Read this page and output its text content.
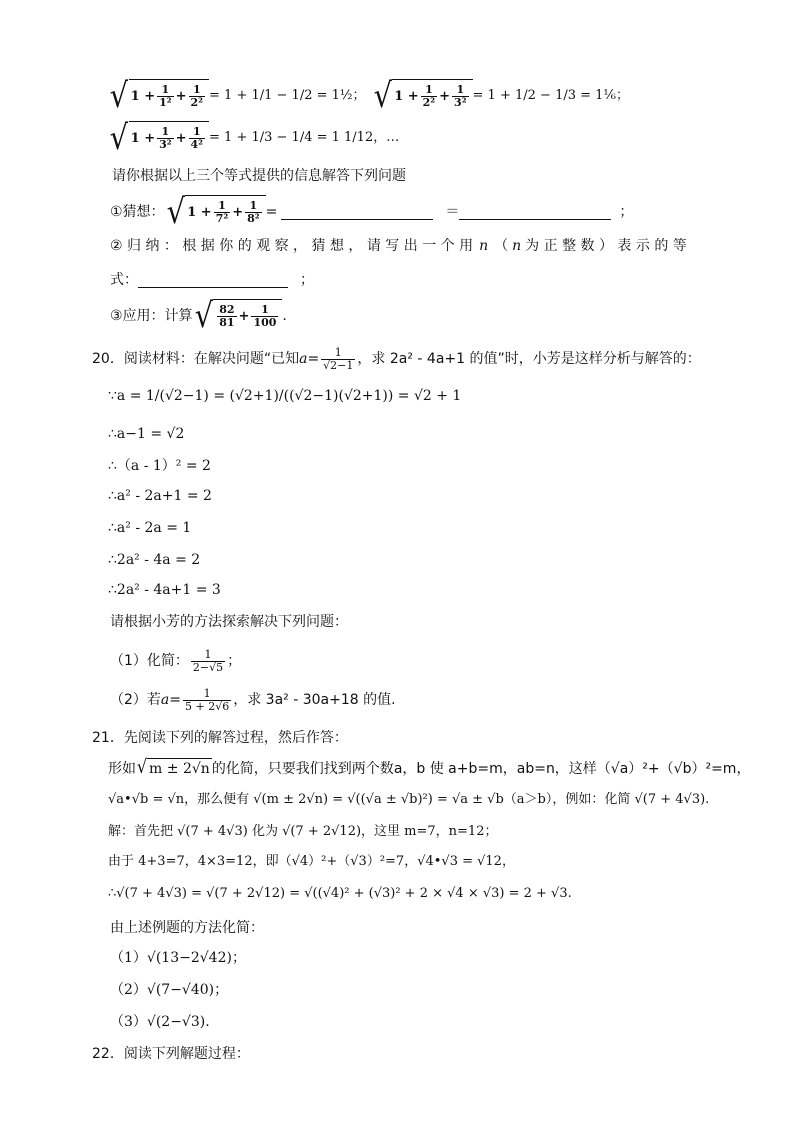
√ $1 + \frac{1}{\text{1²}} + \frac{1}{\text{2²}} = 1 + 1/1 - 1/2$ = 1½ ； √ $1 + \frac{1}{\text{2²}} + \frac{1}{\text{3²}} = 1 + 1/2 - 1/3$ = 1⅙ ；
√ $1 + \frac{1}{\text{3²}} + \frac{1}{\text{4²}} = 1 + 1/3 - 1/4 = 1$ 1/12 ，…
请你根据以上三个等式提供的信息解答下列问题
①猜想： √ $1 + \frac{1}{\text{7²}} + \frac{1}{\text{8²}}$ =	＝	；
② 归 纳 ： 根 据 你 的 观 察 ， 猜 想 ， 请 写 出 一 个 用 n （ n 为 正 整 数 ） 表 示 的 等
式：	；
③应用：计算 √ $\frac{82}{81} + \frac{1}{100}$ .
20．阅读材料：在解决问题“已知 $a = \frac{1}{√2-1}$ ，求 2a² - 4a+1 的值”时，小芳是这样分析与解答的：
∵a = 1/(√2−1) = (√2+1)/((√2−1)(√2+1)) = √2 + 1
∴a−1 = √2
∴（a - 1）² = 2
∴a² - 2a+1 = 2
∴a² - 2a = 1
∴2a² - 4a = 2
∴2a² - 4a+1 = 3
请根据小芳的方法探索解决下列问题：
（1）化简： $\frac{1}{2-√5}$ ；
（2）若 $a = \frac{1}{5 + 2√6}$ ，求 3a² - 30a+18 的值.
21．先阅读下列的解答过程，然后作答：
形如 √ m ± 2√n 的化简，只要我们找到两个数 a，b 使 a+b=m，ab=n，这样（√a）²+（√b）²=m，
√a•√b = √n，那么便有 √(m ± 2√n) = √((√a ± √b)²) = √a ± √b（a＞b），例如：化简 √(7 + 4√3).
解：首先把 √(7 + 4√3) 化为 √(7 + 2√12)，这里 m=7，n=12；
由于 4+3=7，4×3=12，即（√4）²+（√3）²=7，√4•√3 = √12，
∴√(7 + 4√3) = √(7 + 2√12) = √((√4)² + (√3)² + 2 × √4 × √3) = 2 + √3.
由上述例题的方法化简：
（1）√(13−2√42)；
（2）√(7−√40)；
（3）√(2−√3).
22．阅读下列解题过程：
